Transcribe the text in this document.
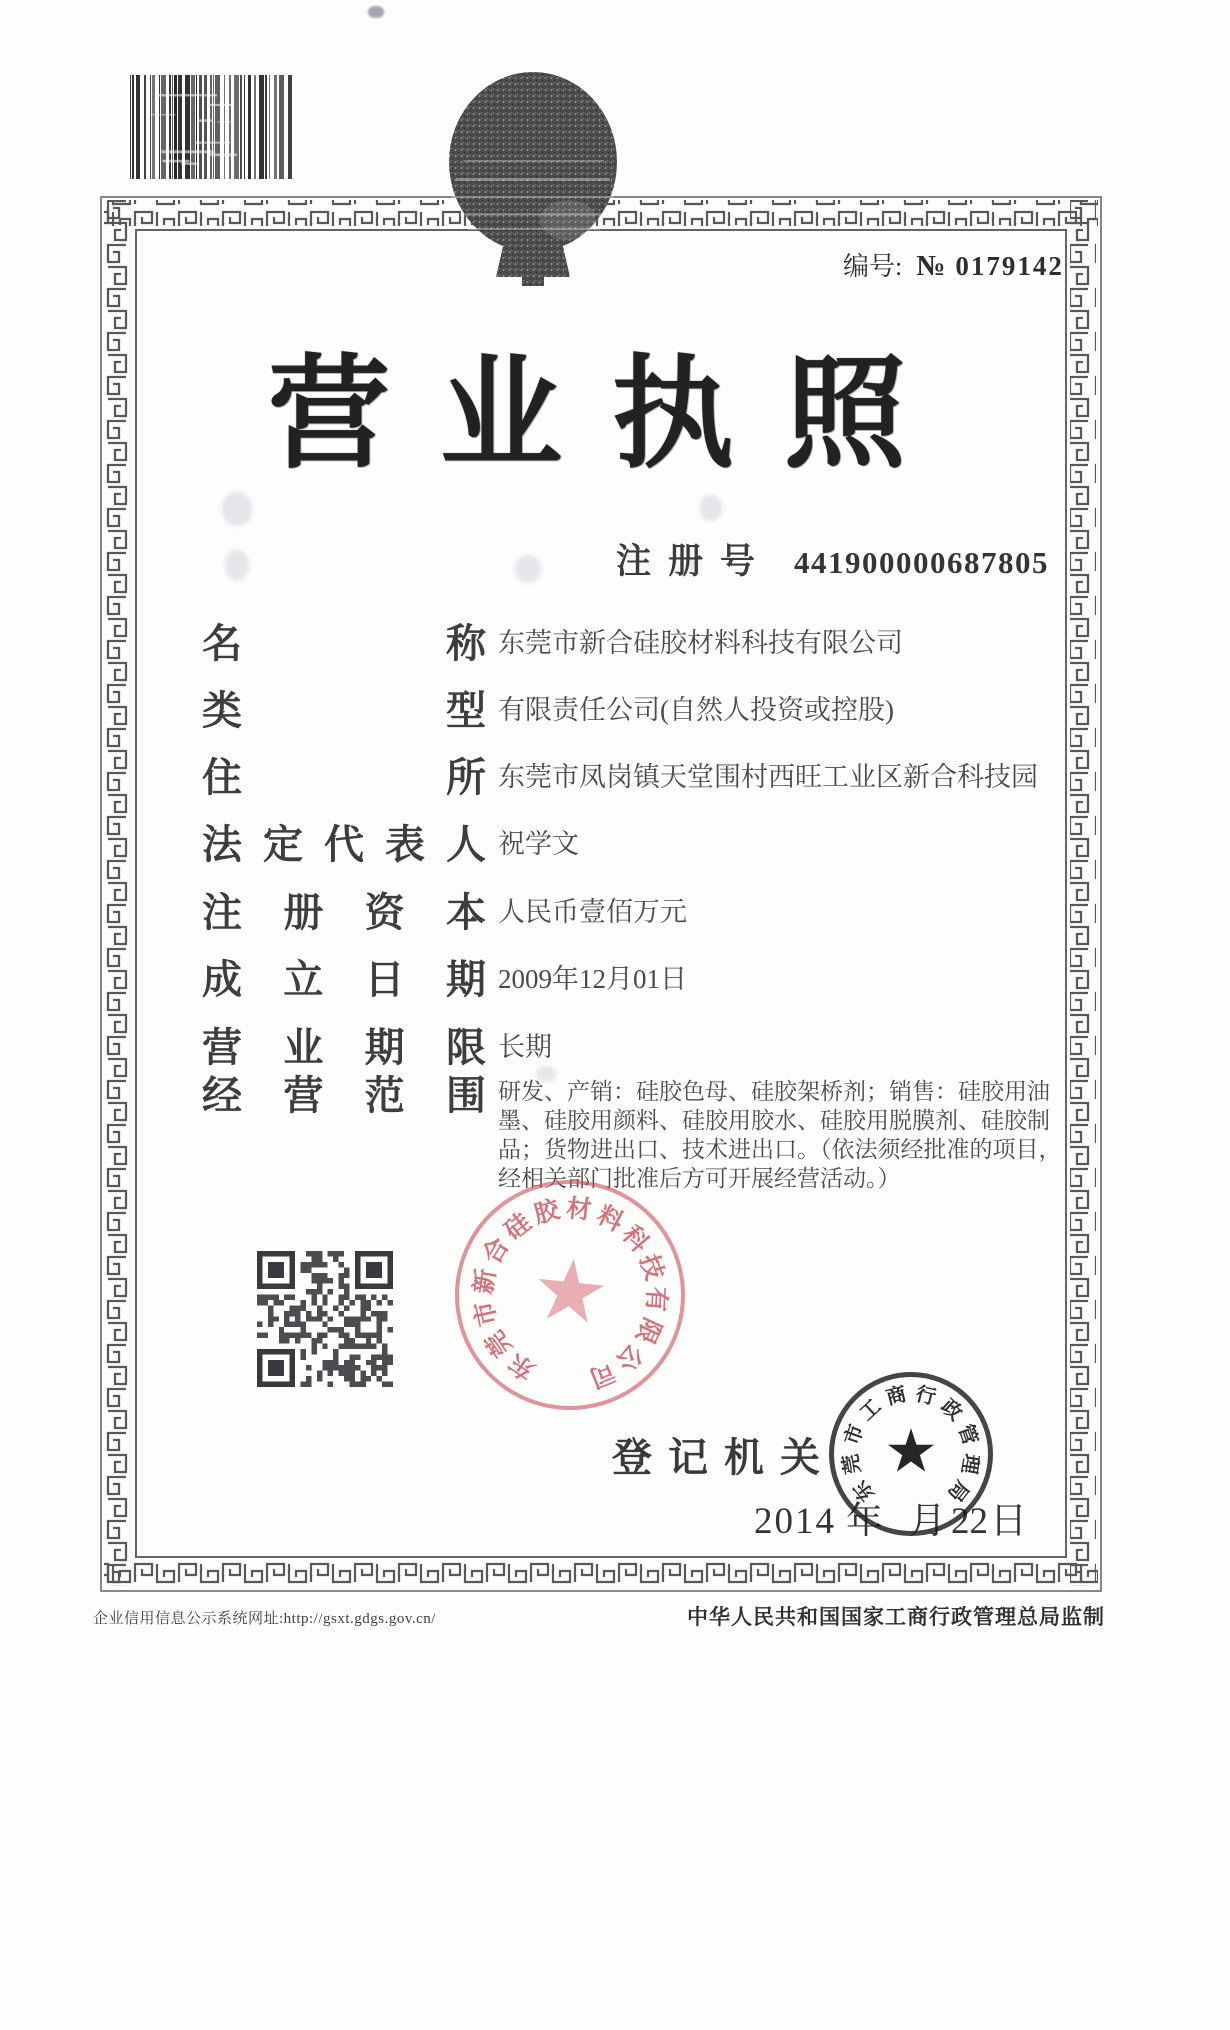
编号: № 0179142
营业执照
注册号 441900000687805
名	称 东莞市新合硅胶材料科技有限公司
类	型 有限责任公司(自然人投资或控股)
住	所 东莞市凤岗镇天堂围村西旺工业区新合科技园
法 定 代 表 人 祝学文
注 册 资 本 人民币壹佰万元
成 立 日 期 2009年12月01日
营 业 期 限 长期
经 营 范 围 研发、产销：硅胶色母、硅胶架桥剂；销售：硅胶用油墨、硅胶用颜料、硅胶用胶水、硅胶用脱膜剂、硅胶制品；货物进出口、技术进出口。（依法须经批准的项目，经相关部门批准后方可开展经营活动。）
★
东
莞
市
新
合
硅
胶 材 料
科
技
有
限
公
司
登记机关
2014 年 月 22 日
★
东
莞
市
工
商 行
政
管
理
局
企业信用信息公示系统网址:http://gsxt.gdgs.gov.cn/	中华人民共和国国家工商行政管理总局监制
